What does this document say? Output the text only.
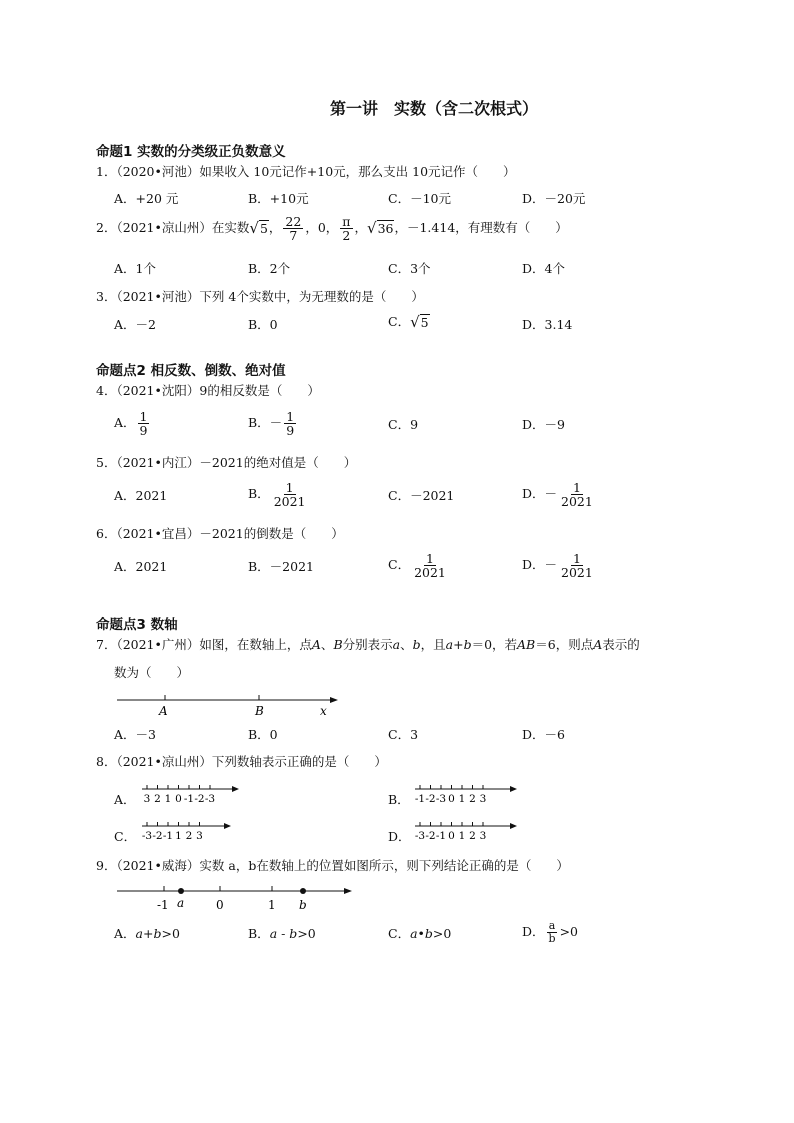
第一讲　实数（含二次根式）
命题1 实数的分类级正负数意义
1．（2020•河池）如果收入 10元记作+10元，那么支出 10元记作（　　）
A．+20 元	B．+10元	C．－10元	D．－20元
2．（2021•凉山州）在实数 √5 ， $\frac{22}{7}$ ，0， $\frac{\pi}{2}$ ， √36 ，－1.414，有理数有（　　）
A．1个	B．2个	C．3个	D．4个
3．（2021•河池）下列 4个实数中，为无理数的是（　　）
A．－2	B．0	C． √5	D．3.14
命题点2 相反数、倒数、绝对值
4．（2021•沈阳）9的相反数是（　　）
A． $\frac{1}{9}$	B．－ $\frac{1}{9}$	C．9	D．－9
5．（2021•内江）－2021的绝对值是（　　）
A．2021	B． $\frac{1}{2021}$	C．－2021	D．－ $\frac{1}{2021}$
6．（2021•宜昌）－2021的倒数是（　　）
A．2021	B．－2021	C． $\frac{1}{2021}$	D．－ $\frac{1}{2021}$
命题点3 数轴
7．（2021•广州）如图，在数轴上，点A、B分别表示a、b，且a+b＝0，若AB＝6，则点A表示的
数为（　　）
A	B	x
A．－3	B．0	C．3	D．－6
8．（2021•凉山州）下列数轴表示正确的是（　　）
A． 3 2 1 0 -1 -2 -3	B． -1 -2 -3 0 1 2 3
C． -3 -2 -1 1 2 3	D． -3 -2 -1 0 1 2 3
9．（2021•威海）实数 a，b在数轴上的位置如图所示，则下列结论正确的是（　　）
-1 a	0	1 b
A．a+b>0	B．a - b>0	C．a•b>0	D． $\frac{a}{b} >0$
